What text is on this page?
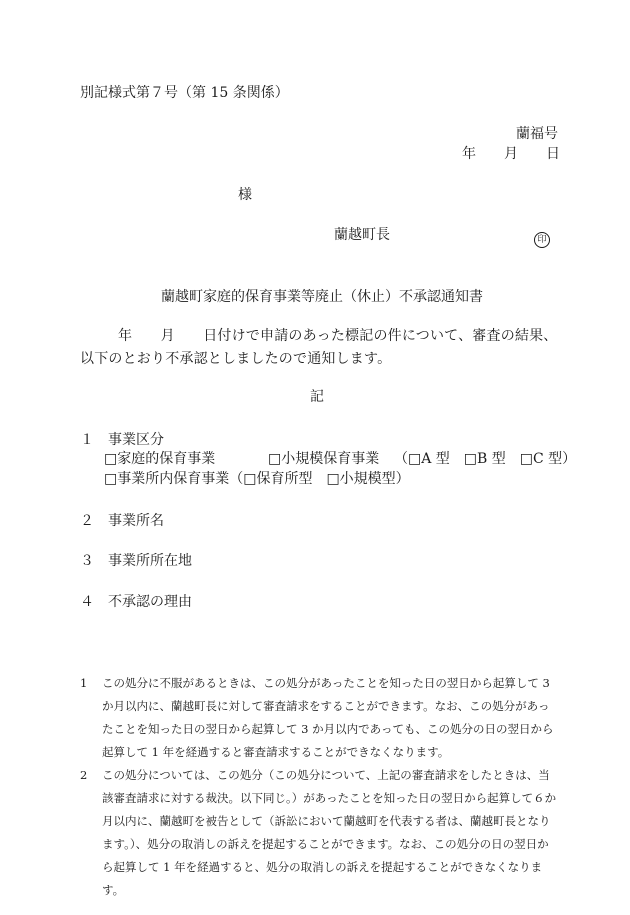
別記様式第７号（第 15 条関係）
蘭福号
年　　月　　日
様
蘭越町長	印
蘭越町家庭的保育事業等廃止（休止）不承認通知書
年　　月　　日付けで申請のあった標記の件について、審査の結果、以下のとおり不承認としましたので通知します。
記
１ 事業区分
□家庭的保育事業	□小規模保育事業 （□A 型　□B 型　□C 型）
□事業所内保育事業（□保育所型　□小規模型）
２ 事業所名
３ 事業所所在地
４ 不承認の理由
1 この処分に不服があるときは、この処分があったことを知った日の翌日から起算して 3 か月以内に、蘭越町長に対して審査請求をすることができます。なお、この処分があったことを知った日の翌日から起算して 3 か月以内であっても、この処分の日の翌日から起算して 1 年を経過すると審査請求することができなくなります。
2 この処分については、この処分（この処分について、上記の審査請求をしたときは、当該審査請求に対する裁決。以下同じ。）があったことを知った日の翌日から起算して６か月以内に、蘭越町を被告として（訴訟において蘭越町を代表する者は、蘭越町長となります。）、処分の取消しの訴えを提起することができます。なお、この処分の日の翌日から起算して 1 年を経過すると、処分の取消しの訴えを提起することができなくなります。
